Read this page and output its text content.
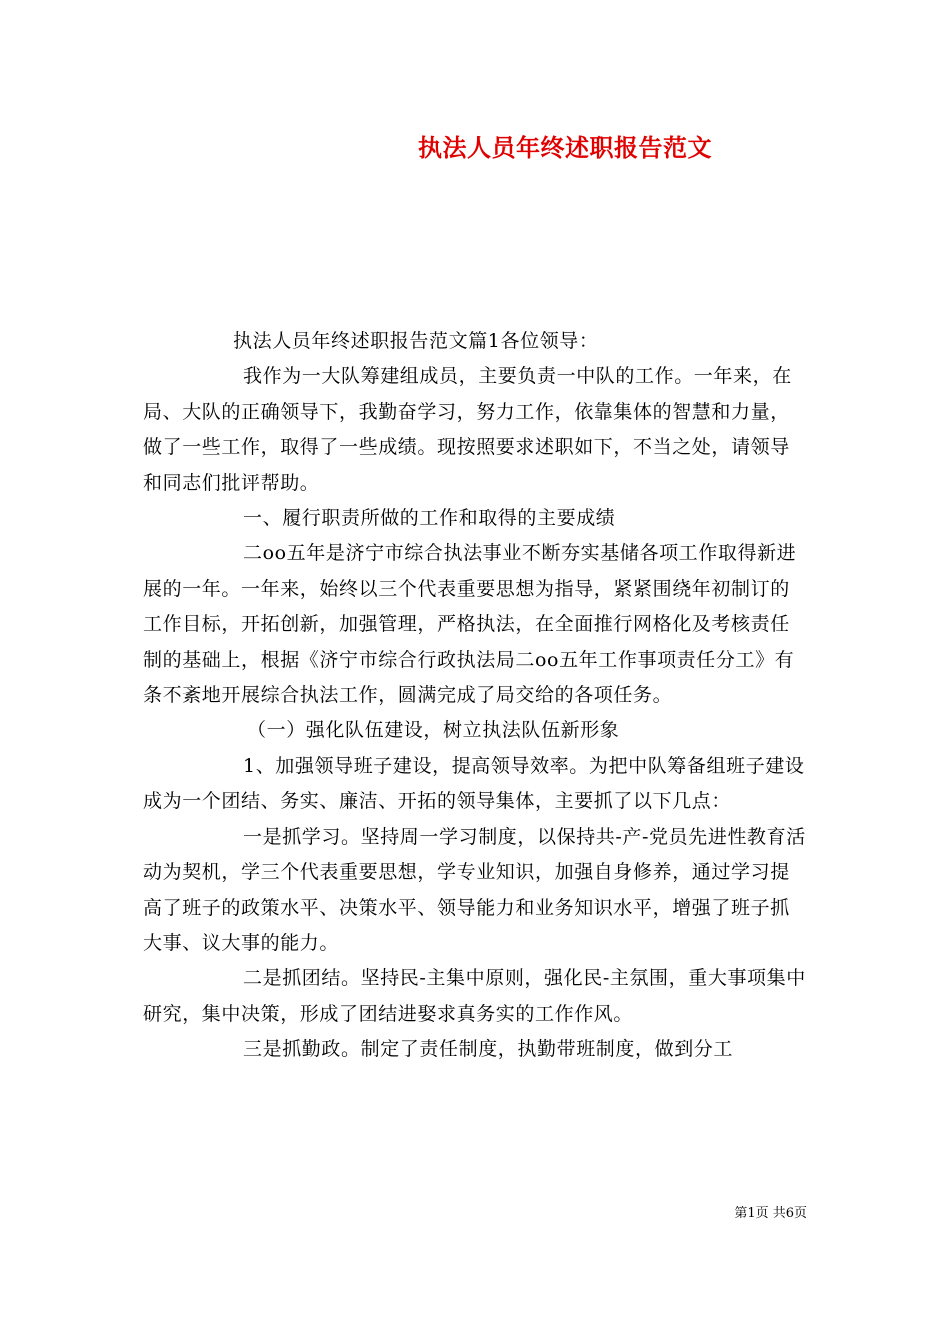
执法人员年终述职报告范文

执法人员年终述职报告范文篇1各位领导：

我作为一大队筹建组成员，主要负责一中队的工作。一年来，在局、大队的正确领导下，我勤奋学习，努力工作，依靠集体的智慧和力量，做了一些工作，取得了一些成绩。现按照要求述职如下，不当之处，请领导和同志们批评帮助。

一、履行职责所做的工作和取得的主要成绩

二oo五年是济宁市综合执法事业不断夯实基储各项工作取得新进展的一年。一年来，始终以三个代表重要思想为指导，紧紧围绕年初制订的工作目标，开拓创新，加强管理，严格执法，在全面推行网格化及考核责任制的基础上，根据《济宁市综合行政执法局二oo五年工作事项责任分工》有条不紊地开展综合执法工作，圆满完成了局交给的各项任务。

（一）强化队伍建设，树立执法队伍新形象

1、加强领导班子建设，提高领导效率。为把中队筹备组班子建设成为一个团结、务实、廉洁、开拓的领导集体，主要抓了以下几点：

一是抓学习。坚持周一学习制度，以保持共-产-党员先进性教育活动为契机，学三个代表重要思想，学专业知识，加强自身修养，通过学习提高了班子的政策水平、决策水平、领导能力和业务知识水平，增强了班子抓大事、议大事的能力。

二是抓团结。坚持民-主集中原则，强化民-主氛围，重大事项集中研究，集中决策，形成了团结进娶求真务实的工作作风。

三是抓勤政。制定了责任制度，执勤带班制度，做到分工

第1页 共6页
